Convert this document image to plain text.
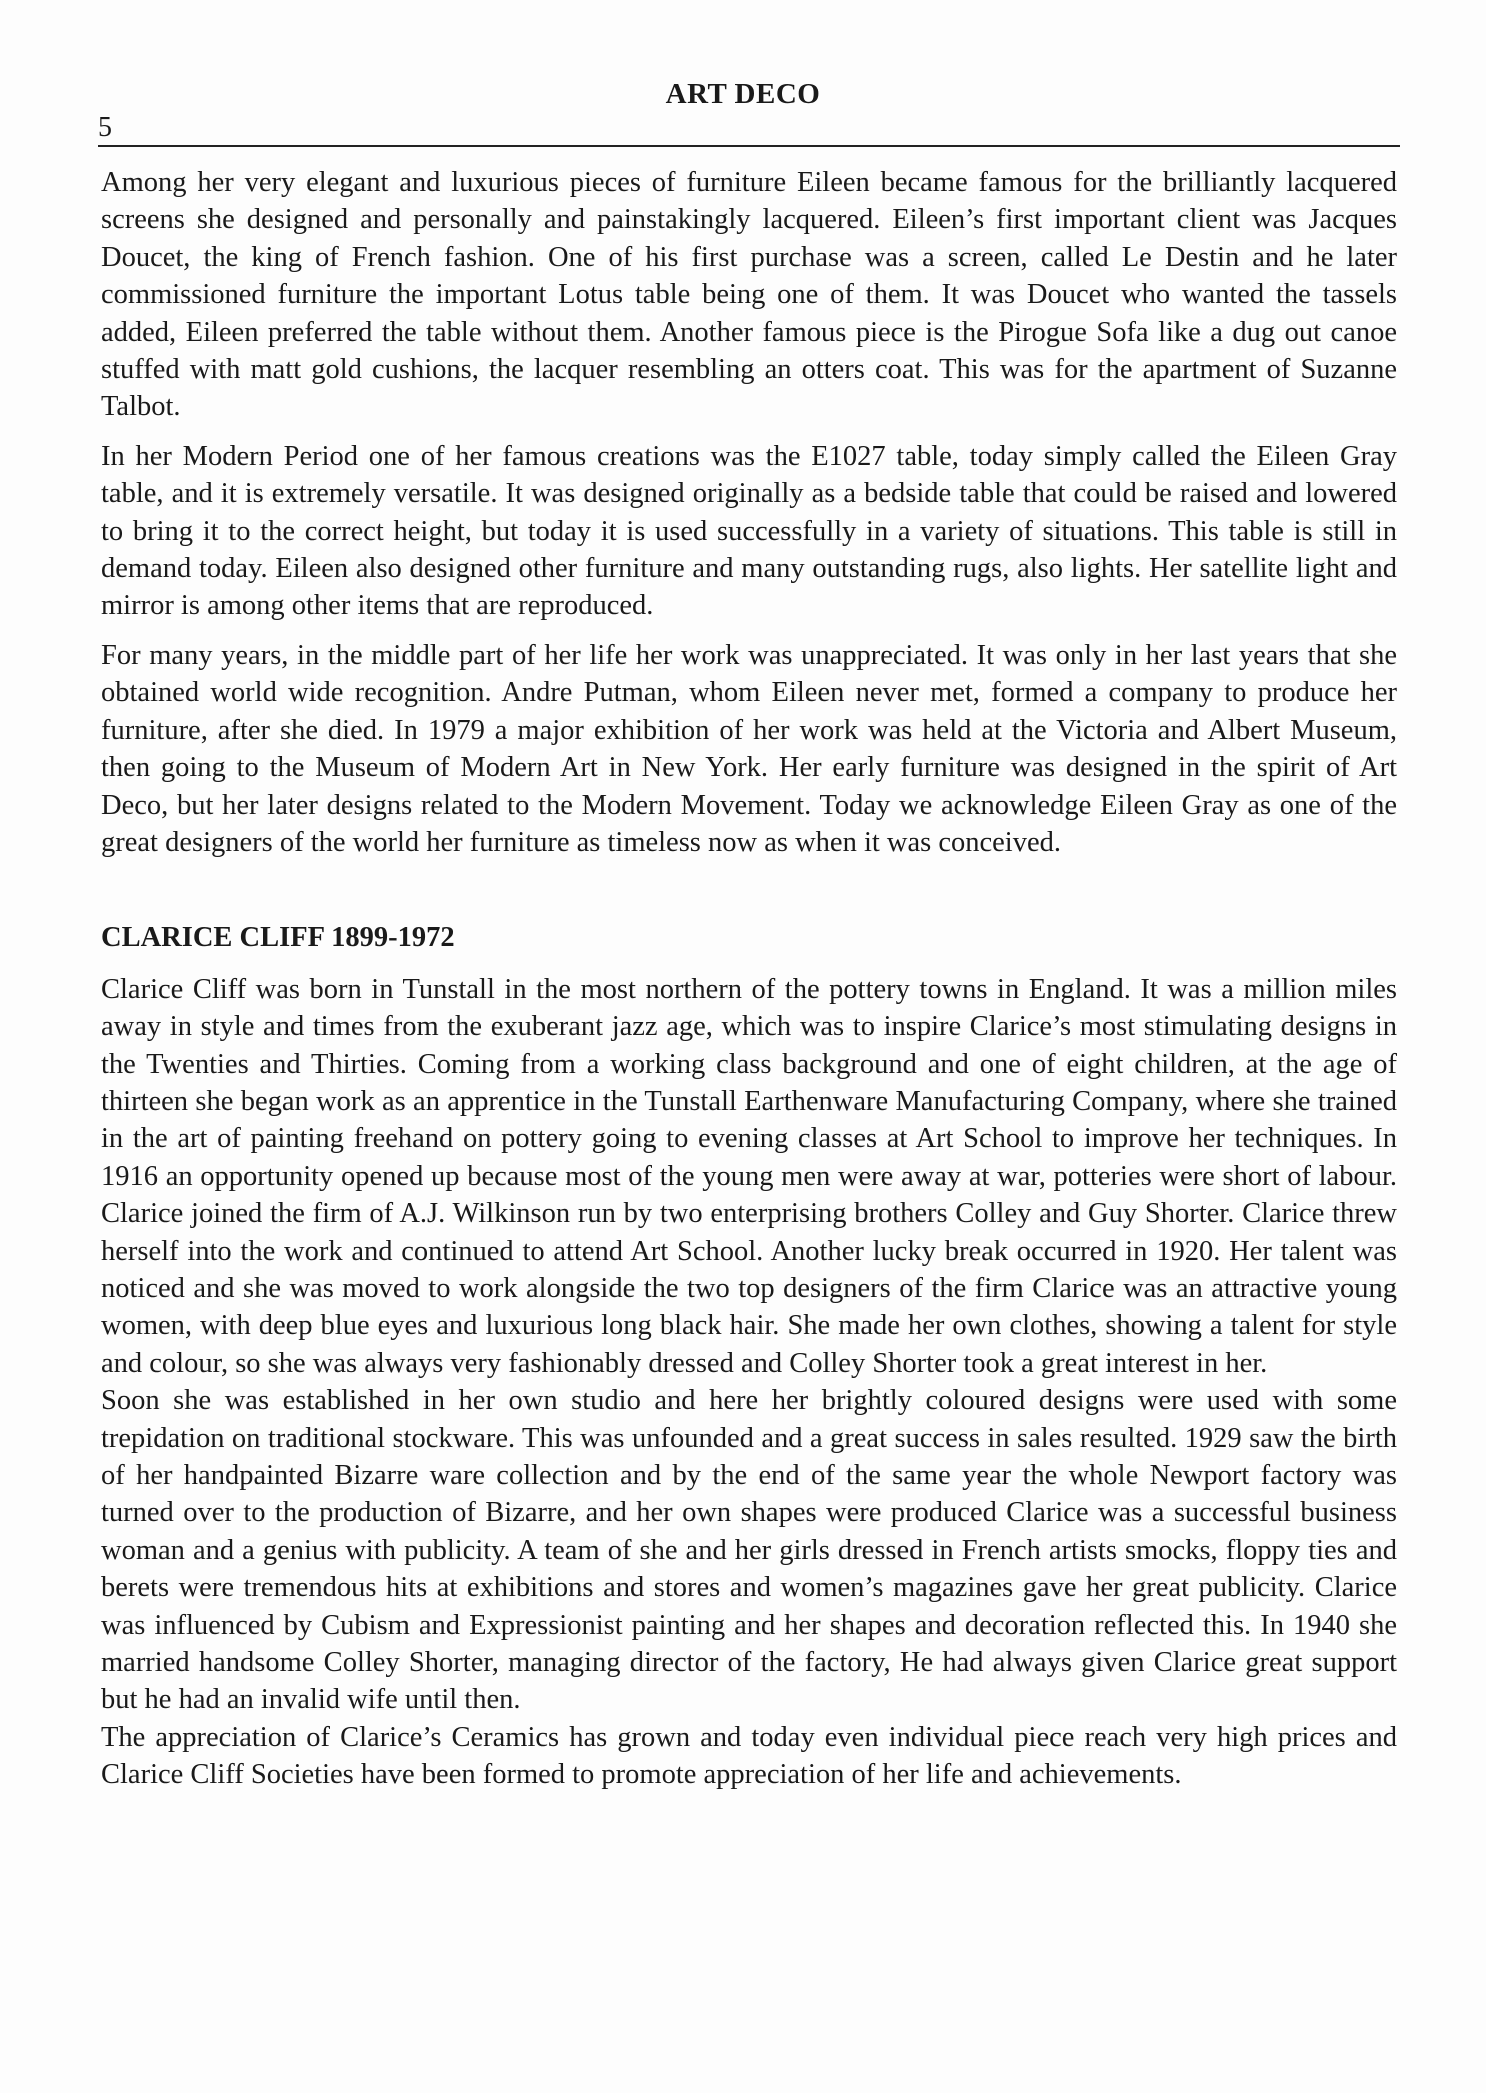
ART DECO
5

Among her very elegant and luxurious pieces of furniture Eileen became famous for the brilliantly lacquered screens she designed and personally and painstakingly lacquered. Eileen’s first important client was Jacques Doucet, the king of French fashion. One of his first purchase was a screen, called Le Destin and he later commissioned furniture the important Lotus table being one of them. It was Doucet who wanted the tassels added, Eileen preferred the table without them. Another famous piece is the Pirogue Sofa like a dug out canoe stuffed with matt gold cushions, the lacquer resembling an otters coat. This was for the apartment of Suzanne Talbot.

In her Modern Period one of her famous creations was the E1027 table, today simply called the Eileen Gray table, and it is extremely versatile. It was designed originally as a bedside table that could be raised and lowered to bring it to the correct height, but today it is used successfully in a variety of situations. This table is still in demand today. Eileen also designed other furniture and many outstanding rugs, also lights. Her satellite light and mirror is among other items that are reproduced.

For many years, in the middle part of her life her work was unappreciated. It was only in her last years that she obtained world wide recognition. Andre Putman, whom Eileen never met, formed a company to produce her furniture, after she died. In 1979 a major exhibition of her work was held at the Victoria and Albert Museum, then going to the Museum of Modern Art in New York. Her early furniture was designed in the spirit of Art Deco, but her later designs related to the Modern Movement. Today we acknowledge Eileen Gray as one of the great designers of the world her furniture as timeless now as when it was conceived.

CLARICE CLIFF 1899-1972

Clarice Cliff was born in Tunstall in the most northern of the pottery towns in England. It was a million miles away in style and times from the exuberant jazz age, which was to inspire Clarice’s most stimulating designs in the Twenties and Thirties. Coming from a working class background and one of eight children, at the age of thirteen she began work as an apprentice in the Tunstall Earthenware Manufacturing Company, where she trained in the art of painting freehand on pottery going to evening classes at Art School to improve her techniques. In 1916 an opportunity opened up because most of the young men were away at war, potteries were short of labour. Clarice joined the firm of A.J. Wilkinson run by two enterprising brothers Colley and Guy Shorter. Clarice threw herself into the work and continued to attend Art School. Another lucky break occurred in 1920. Her talent was noticed and she was moved to work alongside the two top designers of the firm Clarice was an attractive young women, with deep blue eyes and luxurious long black hair. She made her own clothes, showing a talent for style and colour, so she was always very fashionably dressed and Colley Shorter took a great interest in her.

Soon she was established in her own studio and here her brightly coloured designs were used with some trepidation on traditional stockware. This was unfounded and a great success in sales resulted. 1929 saw the birth of her handpainted Bizarre ware collection and by the end of the same year the whole Newport factory was turned over to the production of Bizarre, and her own shapes were produced Clarice was a successful business woman and a genius with publicity. A team of she and her girls dressed in French artists smocks, floppy ties and berets were tremendous hits at exhibitions and stores and women’s magazines gave her great publicity. Clarice was influenced by Cubism and Expressionist painting and her shapes and decoration reflected this. In 1940 she married handsome Colley Shorter, managing director of the factory, He had always given Clarice great support but he had an invalid wife until then.

The appreciation of Clarice’s Ceramics has grown and today even individual piece reach very high prices and Clarice Cliff Societies have been formed to promote appreciation of her life and achievements.
